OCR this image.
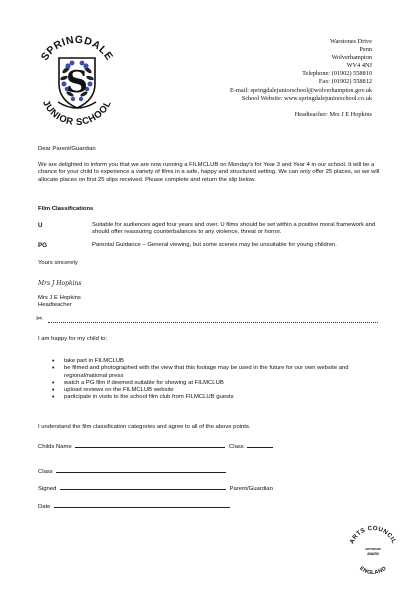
SPRINGDALE
JUNIOR SCHOOL
S
Warstones Drive
Penn
Wolverhampton
WV4 4NJ
Telephone: (01902) 558810
Fax: (01902) 558812
E-mail: springdalejuniorschool@wolverhampton.gov.uk
School Website: www.springdalejuniorschool.co.uk
Headteacher: Mrs J E Hopkins
Dear Parent/Guardian
We are delighted to inform you that we are now running a FILMCLUB on Monday's for Year 3 and Year 4 in our school. It will be a chance for your child to experience a variety of films in a safe, happy and structured setting. We can only offer 25 places, so we will allocate places on first 25 slips received. Please complete and return the slip below.
Film Classifications
U	Suitable for audiences aged four years and over. U films should be set within a positive moral framework and should offer reassuring counterbalances to any violence, threat or horror.
PG	Parental Guidance – General viewing, but some scenes may be unsuitable for young children.
Yours sincerely
Mrs J Hopkins
Mrs J E Hopkins
Headteacher
✂
I am happy for my child to:
• take part in FILMCLUB
• be filmed and photographed with the view that this footage may be used in the future for our own website and regional/national press
• watch a PG film if deemed suitable for showing at FILMCLUB
• upload reviews on the FILMCLUB website
• participate in visits to the school film club from FILMCLUB guests
I understand the film classification categories and agree to all of the above points.
Childs Name	Class
Class
Signed	Parent/Guardian
Date
ARTS COUNCIL
ENGLAND
ARTSMARK
AWARD
